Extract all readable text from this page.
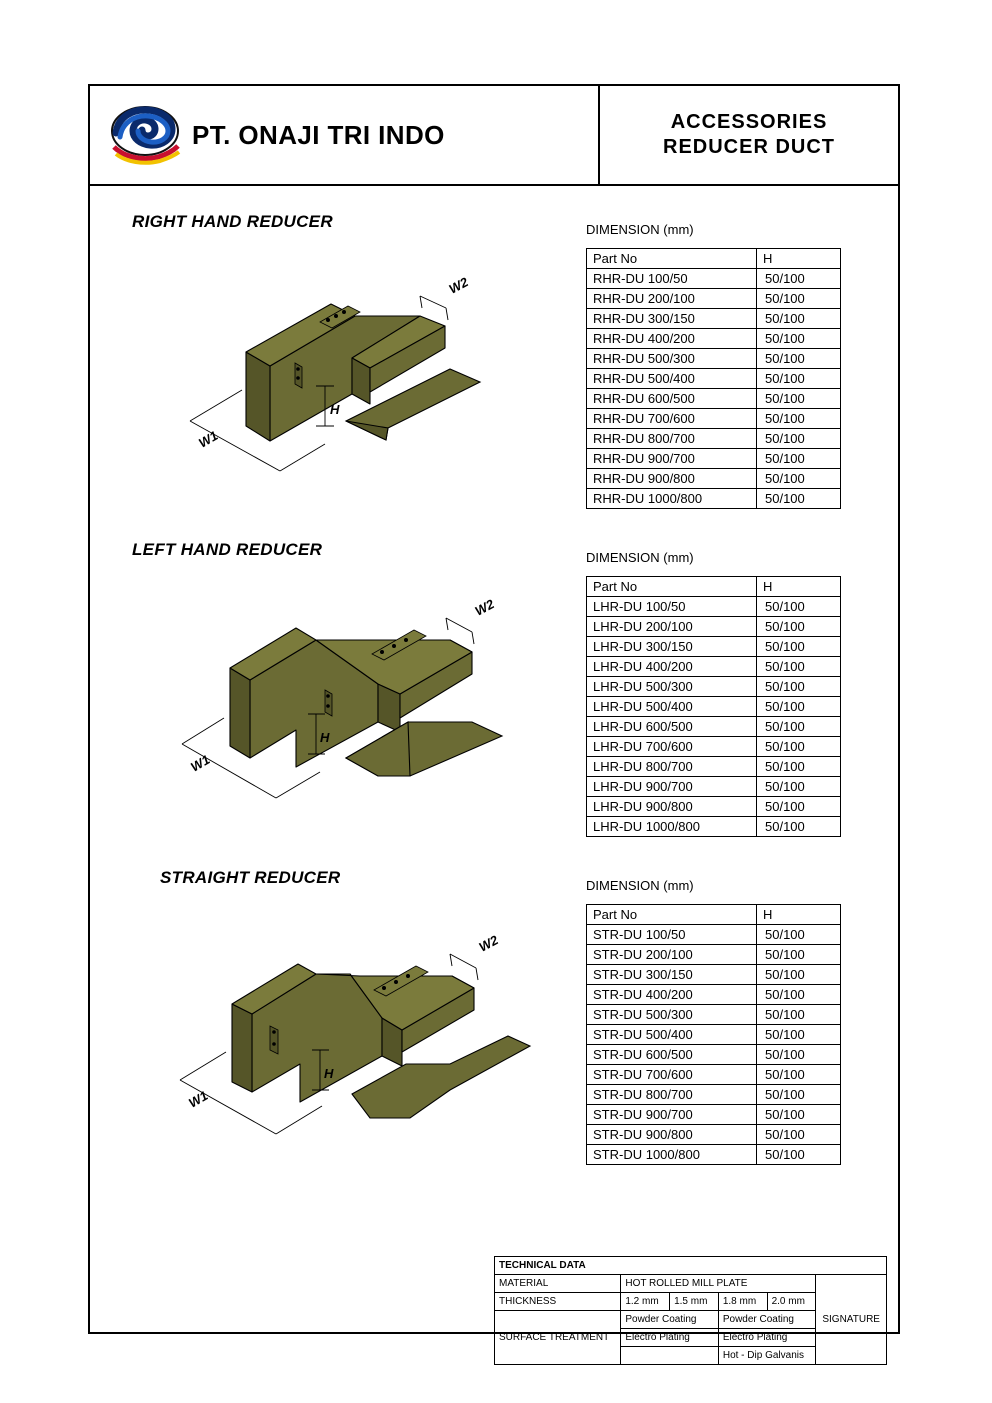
PT. ONAJI TRI INDO	ACCESSORIES
REDUCER DUCT
RIGHT HAND REDUCER
W2
W1
H
DIMENSION (mm)
Part No	H
RHR-DU 100/50	50/100
RHR-DU 200/100	50/100
RHR-DU 300/150	50/100
RHR-DU 400/200	50/100
RHR-DU 500/300	50/100
RHR-DU 500/400	50/100
RHR-DU 600/500	50/100
RHR-DU 700/600	50/100
RHR-DU 800/700	50/100
RHR-DU 900/700	50/100
RHR-DU 900/800	50/100
RHR-DU 1000/800	50/100
LEFT HAND REDUCER
W2
W1
H
DIMENSION (mm)
Part No	H
LHR-DU 100/50	50/100
LHR-DU 200/100	50/100
LHR-DU 300/150	50/100
LHR-DU 400/200	50/100
LHR-DU 500/300	50/100
LHR-DU 500/400	50/100
LHR-DU 600/500	50/100
LHR-DU 700/600	50/100
LHR-DU 800/700	50/100
LHR-DU 900/700	50/100
LHR-DU 900/800	50/100
LHR-DU 1000/800	50/100
STRAIGHT REDUCER
W2
W1
H
DIMENSION (mm)
Part No	H
STR-DU 100/50	50/100
STR-DU 200/100	50/100
STR-DU 300/150	50/100
STR-DU 400/200	50/100
STR-DU 500/300	50/100
STR-DU 500/400	50/100
STR-DU 600/500	50/100
STR-DU 700/600	50/100
STR-DU 800/700	50/100
STR-DU 900/700	50/100
STR-DU 900/800	50/100
STR-DU 1000/800	50/100
TECHNICAL DATA					
MATERIAL	HOT ROLLED MILL PLATE				SIGNATURE
THICKNESS	1.2 mm	1.5 mm	1.8 mm	2.0 mm	
SURFACE TREATMENT	Powder Coating		Powder Coating		
	Electro Plating		Electro Plating		
			Hot - Dip Galvanis		
